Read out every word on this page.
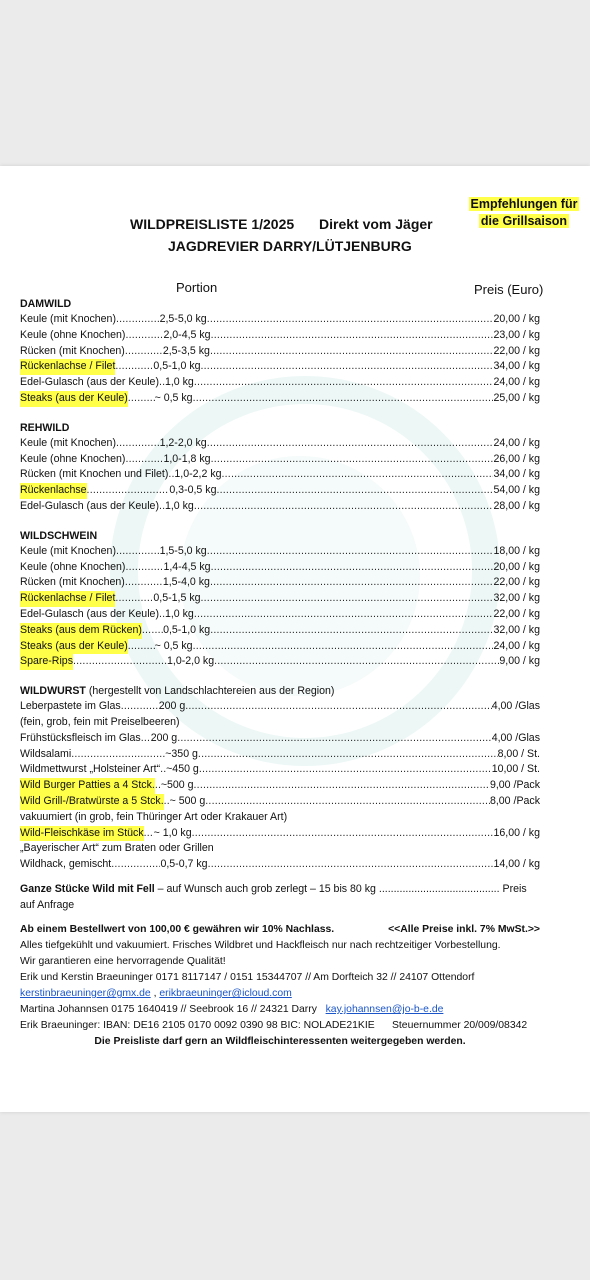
WILDPREISLISTE 1/2025 Direkt vom Jäger
JAGDREVIER DARRY/LÜTJENBURG
Empfehlungen für
die Grillsaison
Portion	Preis (Euro)
DAMWILD
Keule (mit Knochen) .....	2,5-5,0 kg .....	20,00 / kg
Keule (ohne Knochen) .....	2,0-4,5 kg .....	23,00 / kg
Rücken (mit Knochen) .....	2,5-3,5 kg .....	22,00 / kg
Rückenlachse / Filet .....	0,5-1,0 kg .....	34,00 / kg
Edel-Gulasch (aus der Keule) ..... 1,0 kg .....	24,00 / kg
Steaks (aus der Keule) .....	~ 0,5 kg .....	25,00 / kg
REHWILD
Keule (mit Knochen) .....	1,2-2,0 kg .....	24,00 / kg
Keule (ohne Knochen) .....	1,0-1,8 kg .....	26,00 / kg
Rücken (mit Knochen und Filet) ..... 1,0-2,2 kg .....	34,00 / kg
Rückenlachse .....	0,3-0,5 kg .....	54,00 / kg
Edel-Gulasch (aus der Keule) ..... 1,0 kg .....	28,00 / kg
WILDSCHWEIN
Keule (mit Knochen) .....	1,5-5,0 kg .....	18,00 / kg
Keule (ohne Knochen) .....	1,4-4,5 kg .....	20,00 / kg
Rücken (mit Knochen) .....	1,5-4,0 kg .....	22,00 / kg
Rückenlachse / Filet .....	0,5-1,5 kg .....	32,00 / kg
Edel-Gulasch (aus der Keule) ..... 1,0 kg .....	22,00 / kg
Steaks (aus dem Rücken) ..... 0,5-1,0 kg .....	32,00 / kg
Steaks (aus der Keule) .....	~ 0,5 kg .....	24,00 / kg
Spare-Rips .....	1,0-2,0 kg .....	9,00 / kg
WILDWURST (hergestellt von Landschlachtereien aus der Region)
Leberpastete im Glas .....	200 g .....	4,00 /Glas
(fein, grob, fein mit Preiselbeeren)
Frühstücksfleisch im Glas ..... 200 g .....	4,00 /Glas
Wildsalami .....	~350 g .....	8,00 / St.
Wildmettwurst „Holsteiner Art“ ..... ~450 g .....	10,00 / St.
Wild Burger Patties a 4 Stck. ..... ~500 g .....	9,00 /Pack
Wild Grill-/Bratwürste a 5 Stck. ..... ~ 500 g .....	8,00 /Pack
vakuumiert (in grob, fein Thüringer Art oder Krakauer Art)
Wild-Fleischkäse im Stück ..... ~ 1,0 kg .....	16,00 / kg
„Bayerischer Art“ zum Braten oder Grillen
Wildhack, gemischt .....	0,5-0,7 kg .....	14,00 / kg
Ganze Stücke Wild mit Fell – auf Wunsch auch grob zerlegt – 15 bis 80 kg ......................................... Preis auf Anfrage
Ab einem Bestellwert von 100,00 € gewähren wir 10% Nachlass.	<<Alle Preise inkl. 7% MwSt.>>
Alles tiefgekühlt und vakuumiert. Frisches Wildbret und Hackfleisch nur nach rechtzeitiger Vorbestellung.
Wir garantieren eine hervorragende Qualität!
Erik und Kerstin Braeuninger 0171 8117147 / 0151 15344707 // Am Dorfteich 32 // 24107 Ottendorf
kerstinbraeuninger@gmx.de , erikbraeuninger@icloud.com
Martina Johannsen 0175 1640419 // Seebrook 16 // 24321 Darry kay.johannsen@jo-b-e.de
Erik Braeuninger: IBAN: DE16 2105 0170 0092 0390 98 BIC: NOLADE21KIE Steuernummer 20/009/08342
Die Preisliste darf gern an Wildfleischinteressenten weitergegeben werden.
